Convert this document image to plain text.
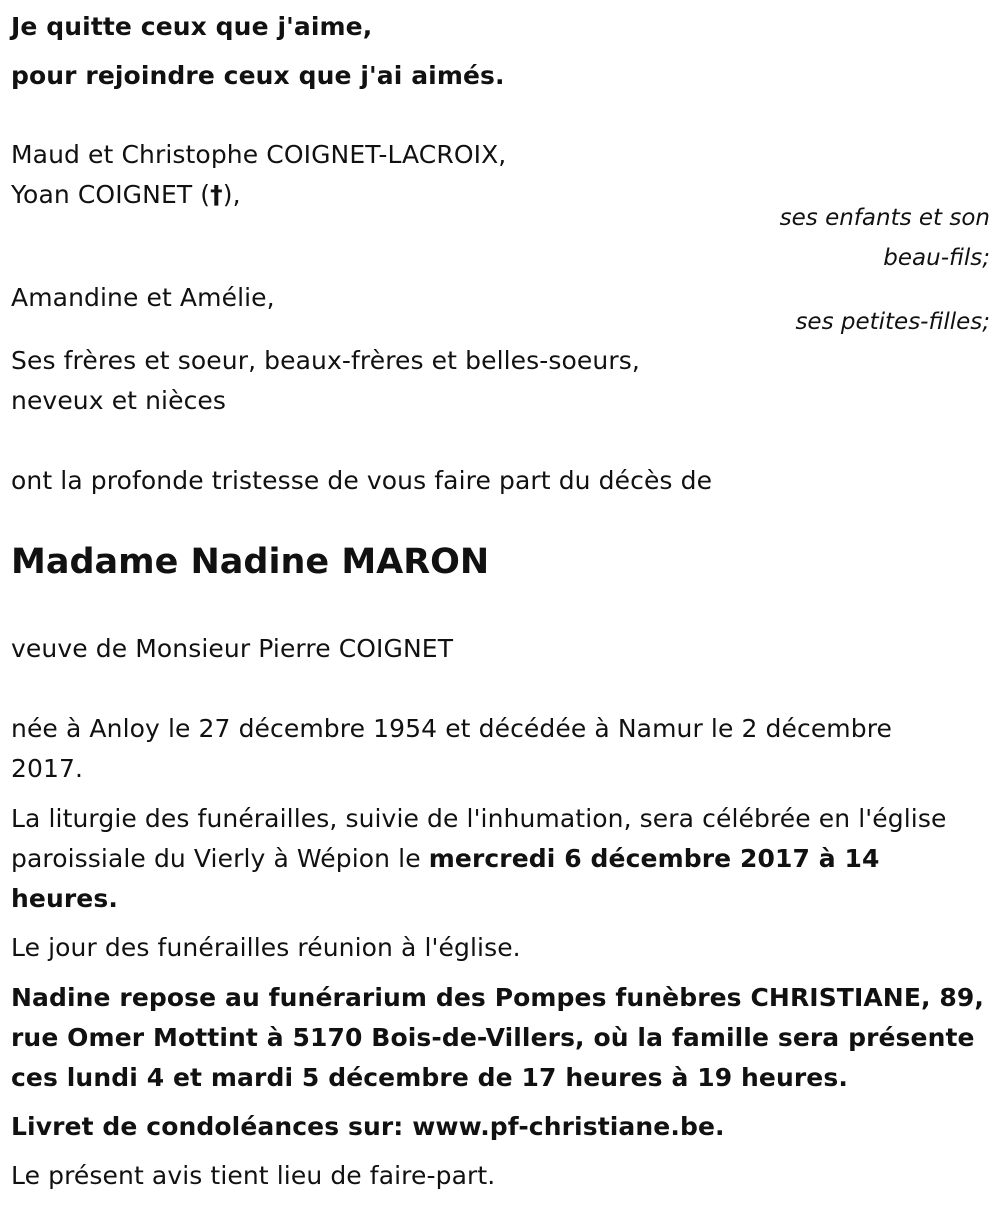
Je quitte ceux que j'aime,
pour rejoindre ceux que j'ai aimés.
Maud et Christophe COIGNET-LACROIX,
Yoan COIGNET (†),
ses enfants et son
beau-fils;
Amandine et Amélie,
ses petites-filles;
Ses frères et soeur, beaux-frères et belles-soeurs,
neveux et nièces
ont la profonde tristesse de vous faire part du décès de
Madame Nadine MARON
veuve de Monsieur Pierre COIGNET
née à Anloy le 27 décembre 1954 et décédée à Namur le 2 décembre
2017.
La liturgie des funérailles, suivie de l'inhumation, sera célébrée en l'église
paroissiale du Vierly à Wépion le mercredi 6 décembre 2017 à 14
heures.
Le jour des funérailles réunion à l'église.
Nadine repose au funérarium des Pompes funèbres CHRISTIANE, 89,
rue Omer Mottint à 5170 Bois-de-Villers, où la famille sera présente
ces lundi 4 et mardi 5 décembre de 17 heures à 19 heures.
Livret de condoléances sur: www.pf-christiane.be.
Le présent avis tient lieu de faire-part.
